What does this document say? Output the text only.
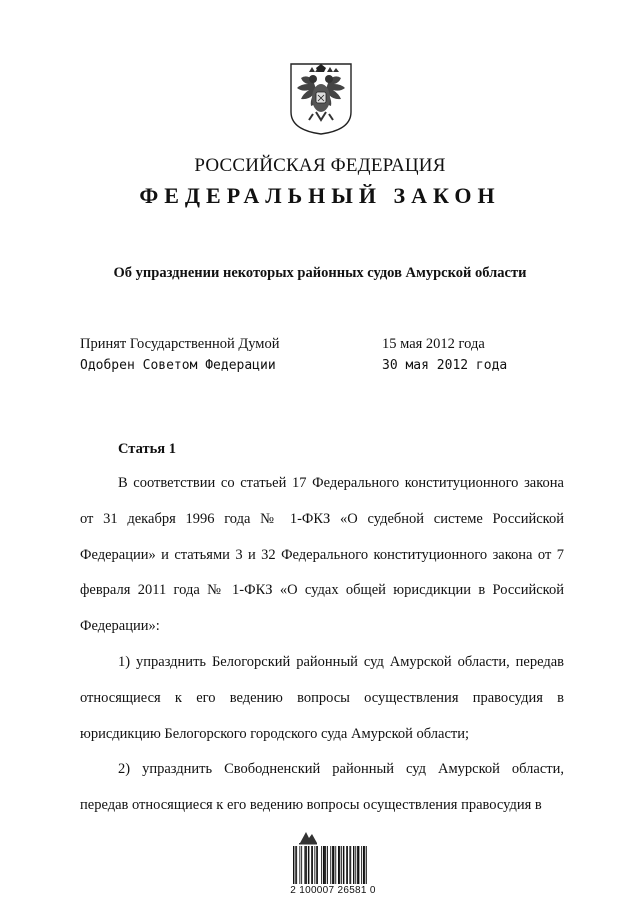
РОССИЙСКАЯ ФЕДЕРАЦИЯ
ФЕДЕРАЛЬНЫЙ ЗАКОН
Об упразднении некоторых районных судов Амурской области
Принят Государственной Думой	15 мая 2012 года
Одобрен Советом Федерации	30 мая 2012 года
Статья 1

В соответствии со статьей 17 Федерального конституционного закона от 31 декабря 1996 года № 1-ФКЗ «О судебной системе Российской Федерации» и статьями 3 и 32 Федерального конституционного закона от 7 февраля 2011 года № 1-ФКЗ «О судах общей юрисдикции в Российской Федерации»:

1) упразднить Белогорский районный суд Амурской области, передав относящиеся к его ведению вопросы осуществления правосудия в юрисдикцию Белогорского городского суда Амурской области;

2) упразднить Свободненский районный суд Амурской области, передав относящиеся к его ведению вопросы осуществления правосудия в

2 100007 26581 0
